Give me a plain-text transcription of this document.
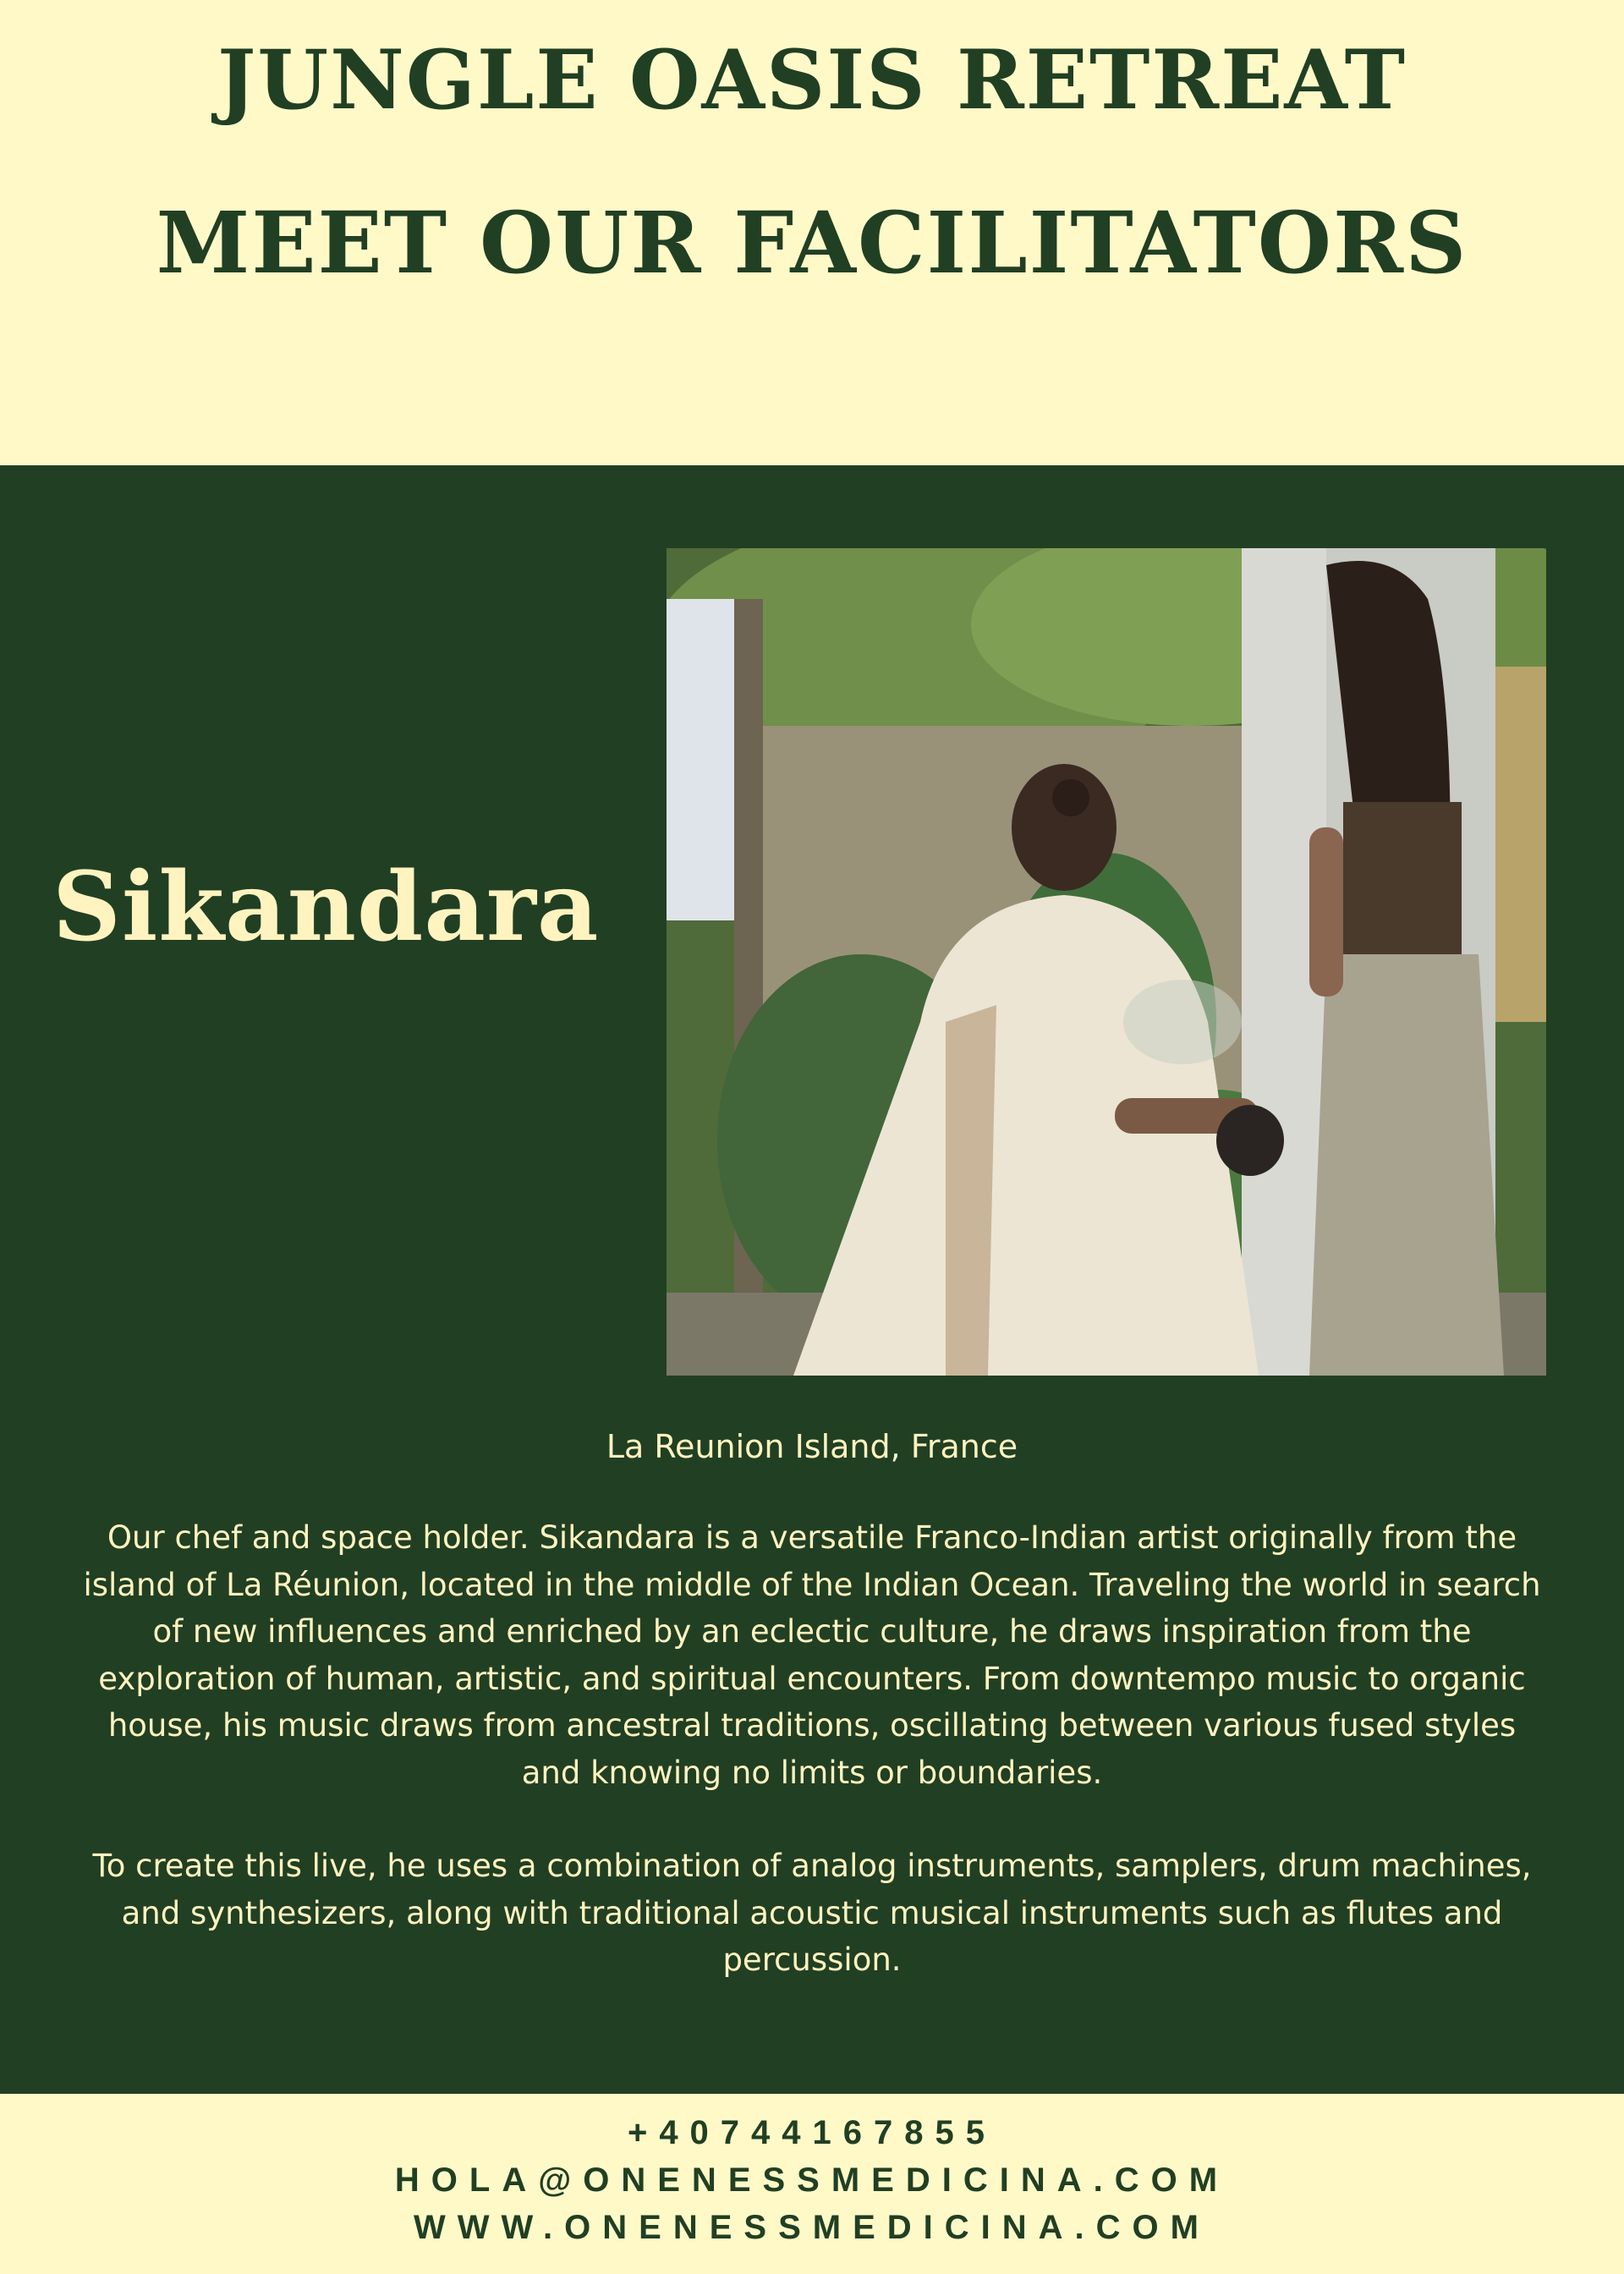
JUNGLE OASIS RETREAT
MEET OUR FACILITATORS
Sikandara

La Reunion Island, France

Our chef and space holder. Sikandara is a versatile Franco-Indian artist originally from the island of La Réunion, located in the middle of the Indian Ocean. Traveling the world in search of new influences and enriched by an eclectic culture, he draws inspiration from the exploration of human, artistic, and spiritual encounters. From downtempo music to organic house, his music draws from ancestral traditions, oscillating between various fused styles and knowing no limits or boundaries.

To create this live, he uses a combination of analog instruments, samplers, drum machines, and synthesizers, along with traditional acoustic musical instruments such as flutes and percussion.

+40744167855

HOLA@ONENESSMEDICINA.COM

WWW.ONENESSMEDICINA.COM
